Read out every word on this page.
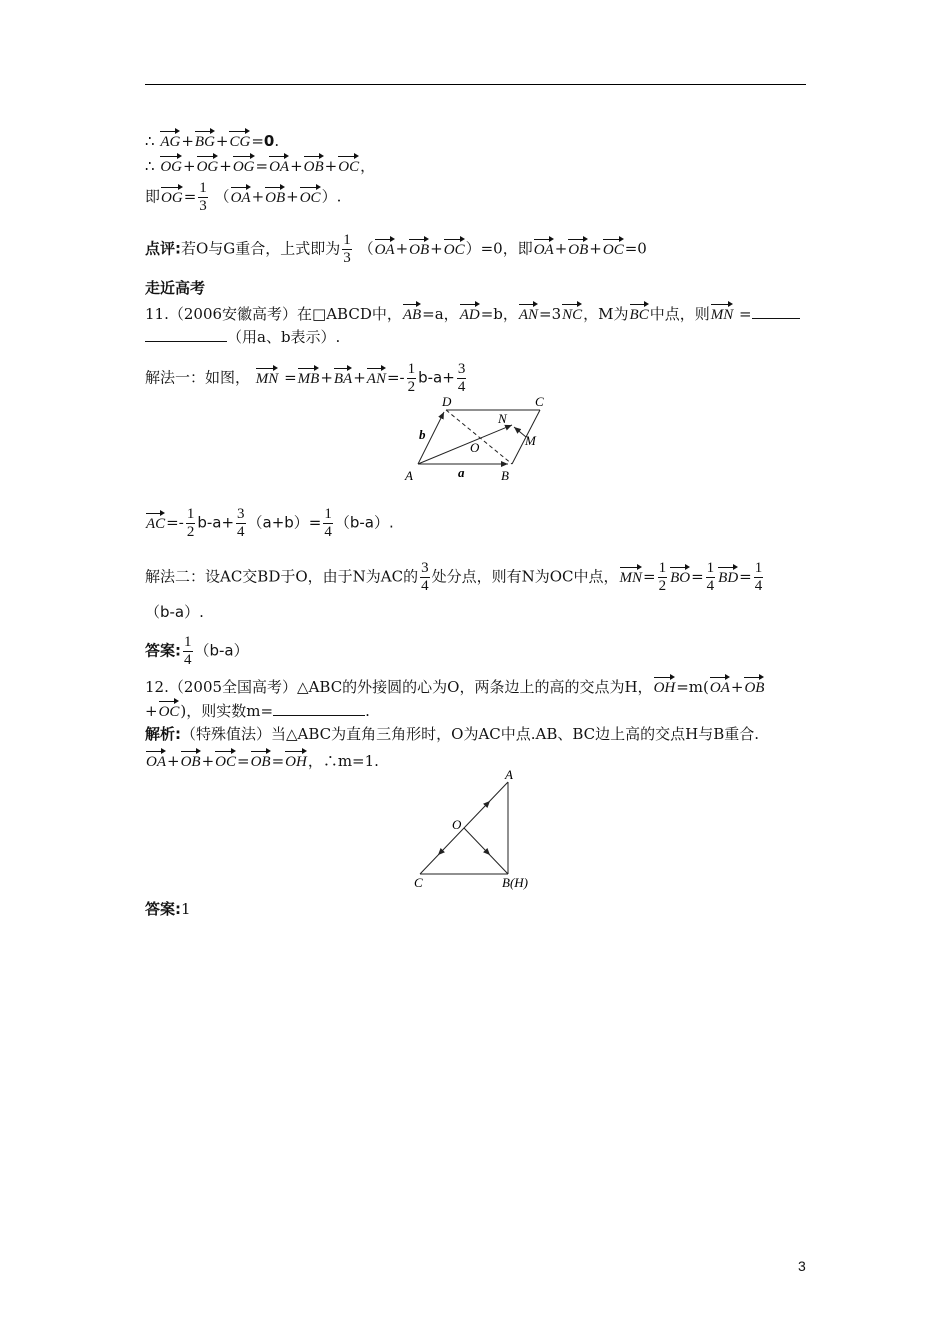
∴ AG+BG+CG=0.
∴ OG+OG+OG=OA+OB+OC，
即$OG= \frac{1}{3} (OA+OB+OC)$.
点评:若O与G重合，上式即为 $\frac{1}{3} (OA+OB+OC)=0$，即OA+OB+OC=0
走近高考
11.（2006安徽高考）在□ABCD中，AB=a，AD=b，AN=3NC，M为BC中点，则MN =
（用a、b表示）.
解法一：如图， MN $=MB+BA+AN=- \frac{1}{2} b-a+ \frac{3}{4}$
A	B
C
D
N
O	M
a
b
$AC=- \frac{1}{2} b-a+ \frac{3}{4} (a+b)= \frac{1}{4} (b-a)$.
解法二：设AC交BD于O，由于N为AC的 $\frac{3}{4}$ 处分点，则有N为OC中点，$MN= \frac{1}{2} BO= \frac{1}{4} BD= \frac{1}{4}$
（b-a）.
答案: $\frac{1}{4} (b-a)$
12.（2005全国高考）△ABC的外接圆的心为O，两条边上的高的交点为H，OH=m(OA+OB
+OC)，则实数m=	.
解析:（特殊值法）当△ABC为直角三角形时，O为AC中点.AB、BC边上高的交点H与B重合.
OA+OB+OC=OB=OH，∴m=1.
A
O
C	B(H)
答案:1
3
